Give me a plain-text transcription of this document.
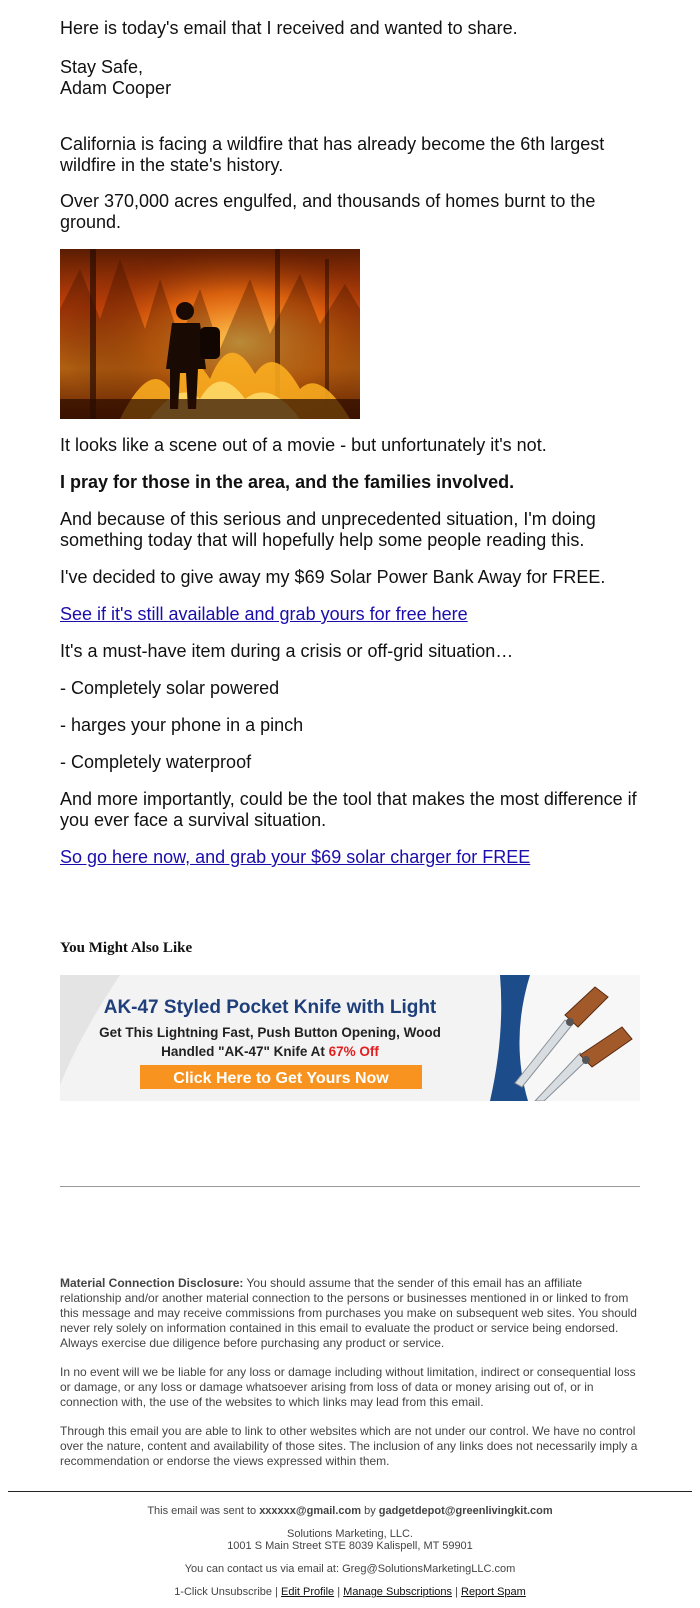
Here is today's email that I received and wanted to share.

Stay Safe,

Adam Cooper

California is facing a wildfire that has already become the 6th largest wildfire in the state's history.

Over 370,000 acres engulfed, and thousands of homes burnt to the ground.

It looks like a scene out of a movie - but unfortunately it's not.

I pray for those in the area, and the families involved.

And because of this serious and unprecedented situation, I'm doing something today that will hopefully help some people reading this.

I've decided to give away my $69 Solar Power Bank Away for FREE.

See if it's still available and grab yours for free here

It's a must-have item during a crisis or off-grid situation…

- Completely solar powered

- harges your phone in a pinch

- Completely waterproof

And more importantly, could be the tool that makes the most difference if you ever face a survival situation.

So go here now, and grab your $69 solar charger for FREE

You Might Also Like
AK-47 Styled Pocket Knife with Light
Get This Lightning Fast, Push Button Opening, Wood
Handled "AK-47" Knife At 67% Off
Click Here to Get Yours Now

Material Connection Disclosure: You should assume that the sender of this email has an affiliate relationship and/or another material connection to the persons or businesses mentioned in or linked to from this message and may receive commissions from purchases you make on subsequent web sites. You should never rely solely on information contained in this email to evaluate the product or service being endorsed. Always exercise due diligence before purchasing any product or service.

In no event will we be liable for any loss or damage including without limitation, indirect or consequential loss or damage, or any loss or damage whatsoever arising from loss of data or money arising out of, or in connection with, the use of the websites to which links may lead from this email.

Through this email you are able to link to other websites which are not under our control. We have no control over the nature, content and availability of those sites. The inclusion of any links does not necessarily imply a recommendation or endorse the views expressed within them.

This email was sent to xxxxxx@gmail.com by gadgetdepot@greenlivingkit.com

Solutions Marketing, LLC.

1001 S Main Street STE 8039 Kalispell, MT 59901

You can contact us via email at: Greg@SolutionsMarketingLLC.com

1-Click Unsubscribe | Edit Profile | Manage Subscriptions | Report Spam
